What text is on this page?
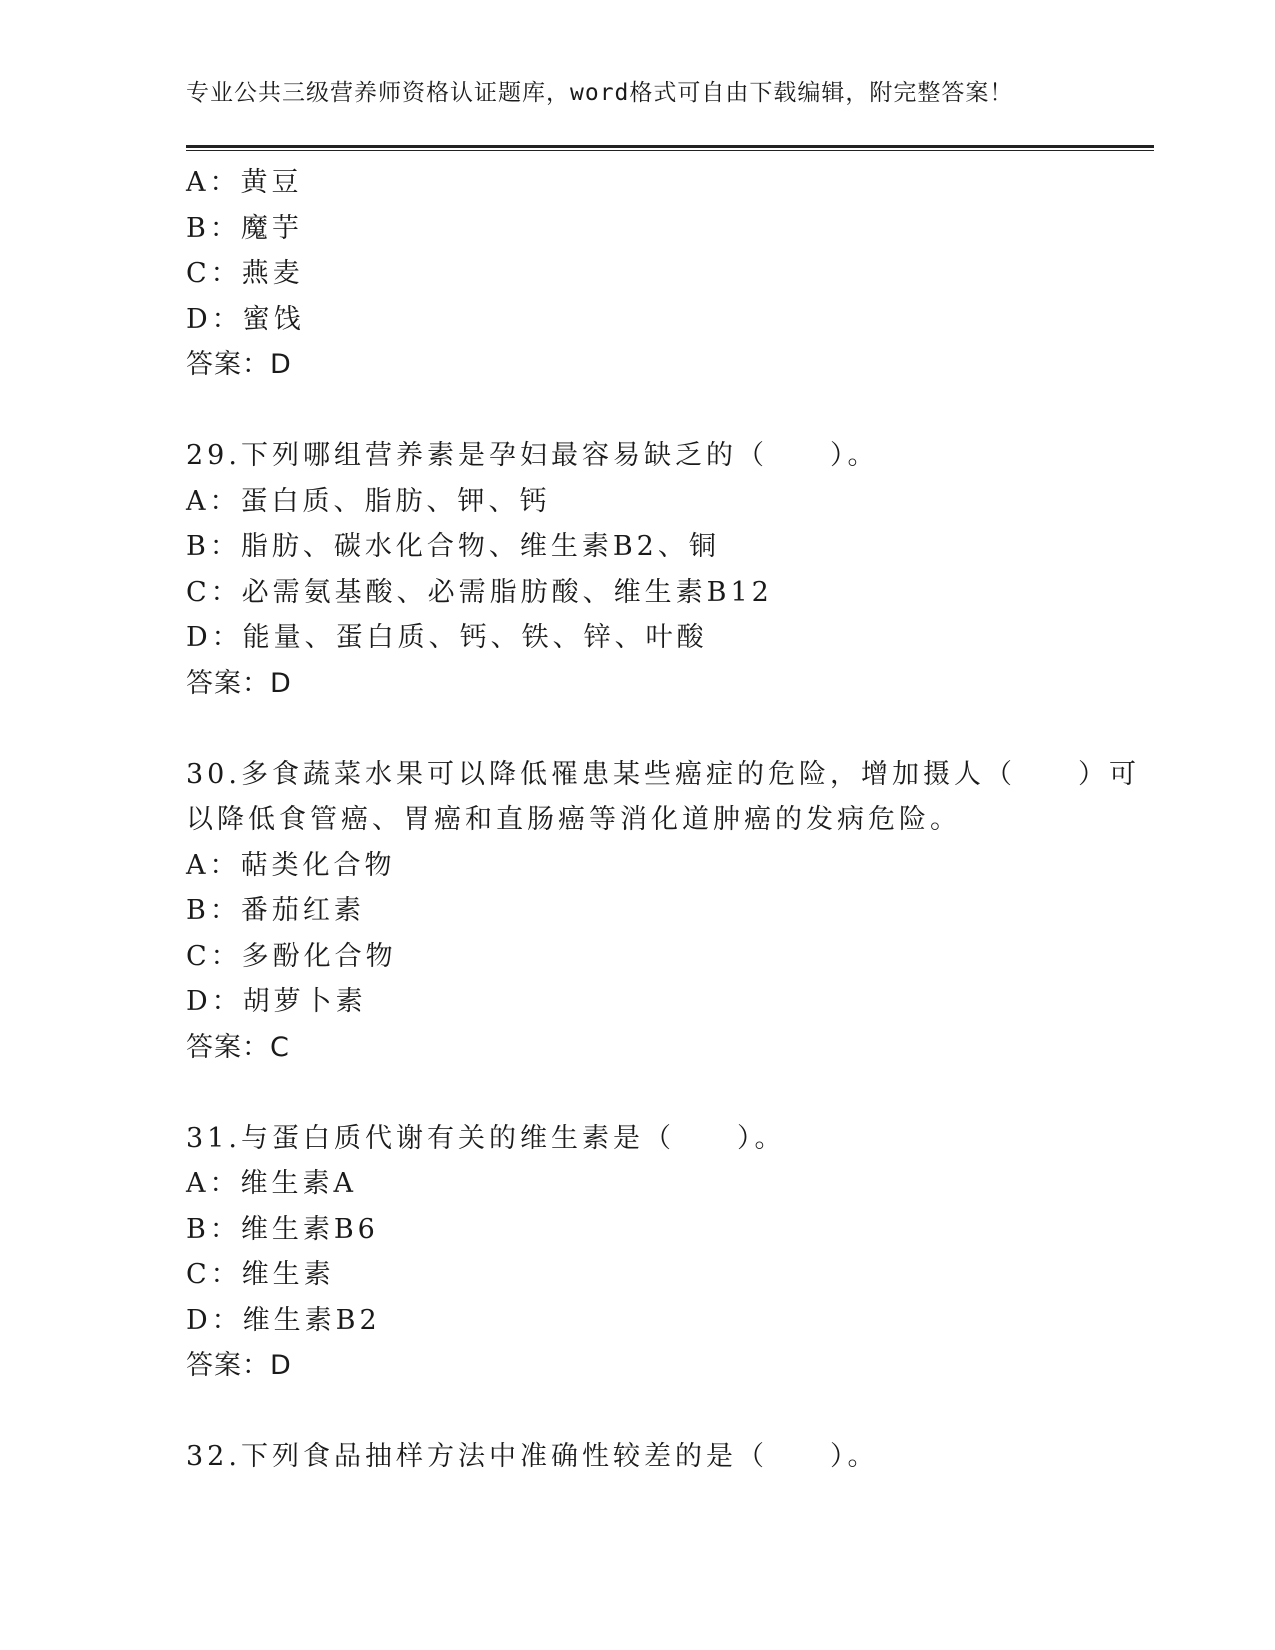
专业公共三级营养师资格认证题库，word格式可自由下载编辑，附完整答案！
A：黄豆
B：魔芋
C：燕麦
D：蜜饯
答案：D
29.下列哪组营养素是孕妇最容易缺乏的（　　）。
A：蛋白质、脂肪、钾、钙
B：脂肪、碳水化合物、维生素B2、铜
C：必需氨基酸、必需脂肪酸、维生素B12
D：能量、蛋白质、钙、铁、锌、叶酸
答案：D
30.多食蔬菜水果可以降低罹患某些癌症的危险，增加摄人（　　）可
以降低食管癌、胃癌和直肠癌等消化道肿癌的发病危险。
A：萜类化合物
B：番茄红素
C：多酚化合物
D：胡萝卜素
答案：C
31.与蛋白质代谢有关的维生素是（　　）。
A：维生素A
B：维生素B6
C：维生素
D：维生素B2
答案：D
32.下列食品抽样方法中准确性较差的是（　　）。
